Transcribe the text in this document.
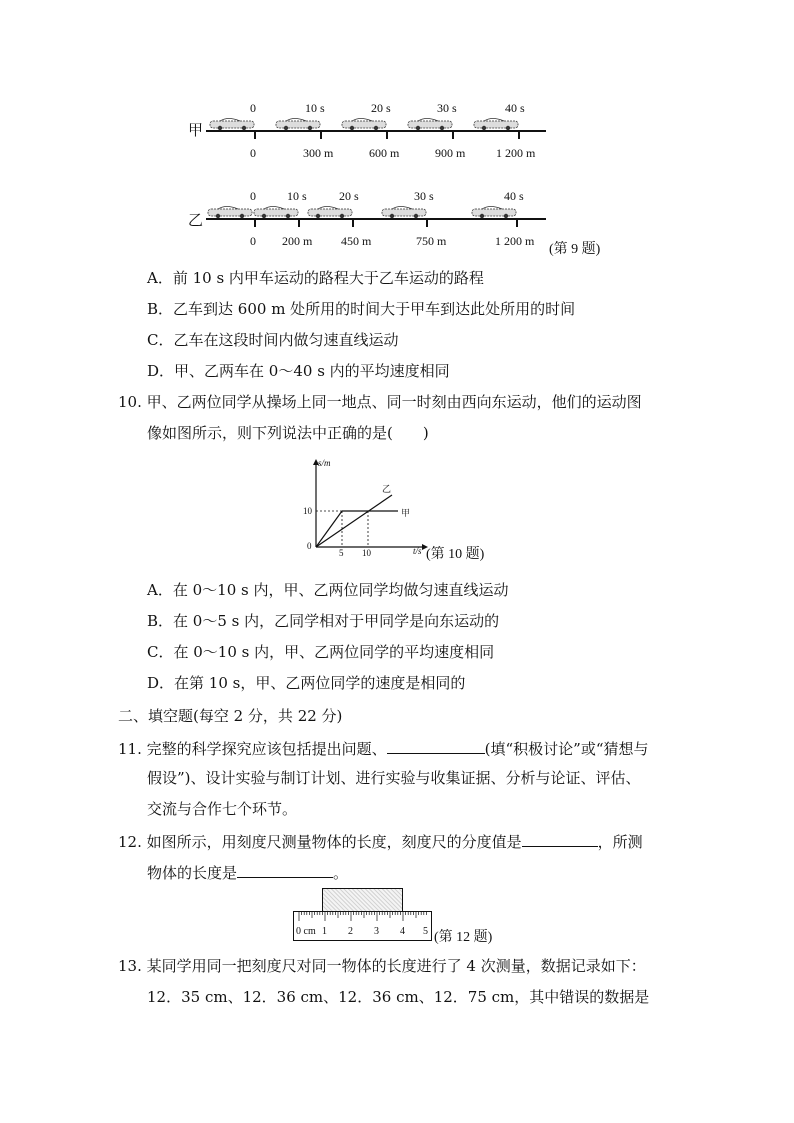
甲
0	10 s	20 s	30 s	40 s
0	300 m	600 m	900 m	1 200 m
乙
0	10 s	20 s	30 s	40 s
0 200 m 450 m	750 m	1 200 m
(第 9 题)
A．前 10 s 内甲车运动的路程大于乙车运动的路程
B．乙车到达 600 m 处所用的时间大于甲车到达此处所用的时间
C．乙车在这段时间内做匀速直线运动
D．甲、乙两车在 0～40 s 内的平均速度相同
10. 甲、乙两位同学从操场上同一地点、同一时刻由西向东运动，他们的运动图
像如图所示，则下列说法中正确的是(　　)
s/m
t/s
0
10
5 10
甲
乙
(第 10 题)
A．在 0～10 s 内，甲、乙两位同学均做匀速直线运动
B．在 0～5 s 内，乙同学相对于甲同学是向东运动的
C．在 0～10 s 内，甲、乙两位同学的平均速度相同
D．在第 10 s，甲、乙两位同学的速度是相同的
二、填空题(每空 2 分，共 22 分)
11. 完整的科学探究应该包括提出问题、	(填“积极讨论”或“猜想与
假设”)、设计实验与制订计划、进行实验与收集证据、分析与论证、评估、
交流与合作七个环节。
12. 如图所示，用刻度尺测量物体的长度，刻度尺的分度值是	，所测
物体的长度是	。
0 cm 1 2 3 4 5 (第 12 题)
13. 某同学用同一把刻度尺对同一物体的长度进行了 4 次测量，数据记录如下：
12．35 cm、12．36 cm、12．36 cm、12．75 cm，其中错误的数据是
